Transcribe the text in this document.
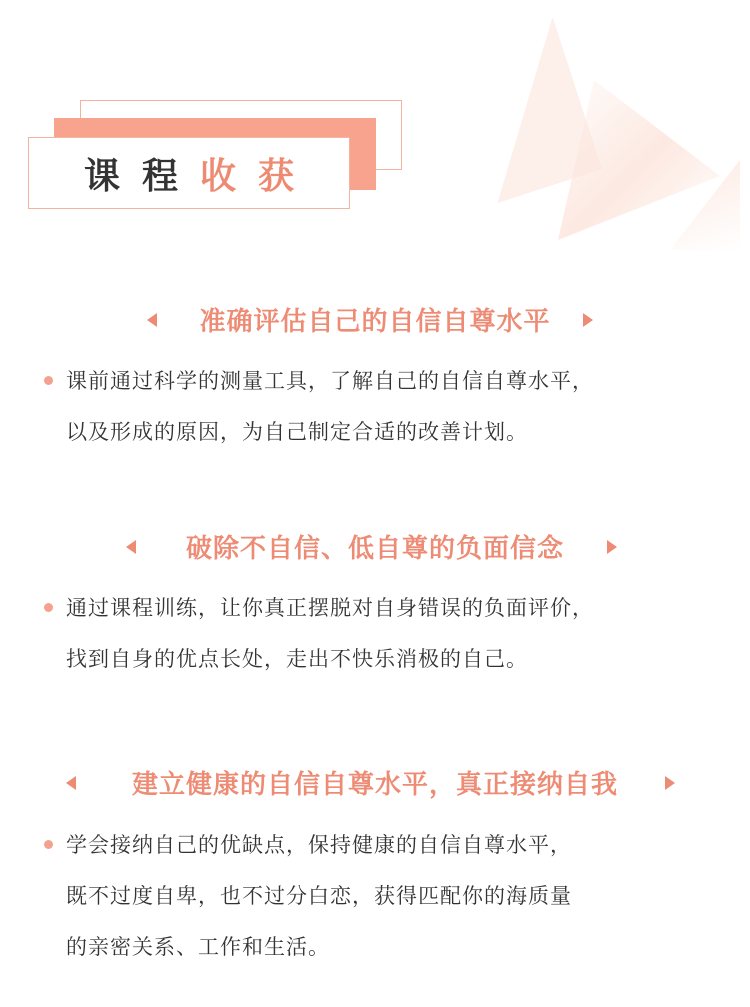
课程 收获
准确评估自己的自信自尊水平
课前通过科学的测量工具，了解自己的自信自尊水平，
以及形成的原因，为自己制定合适的改善计划。
破除不自信、低自尊的负面信念
通过课程训练，让你真正摆脱对自身错误的负面评价，
找到自身的优点长处，走出不快乐消极的自己。
建立健康的自信自尊水平，真正接纳自我
学会接纳自己的优缺点，保持健康的自信自尊水平，
既不过度自卑，也不过分白恋，获得匹配你的海质量
的亲密关系、工作和生活。
